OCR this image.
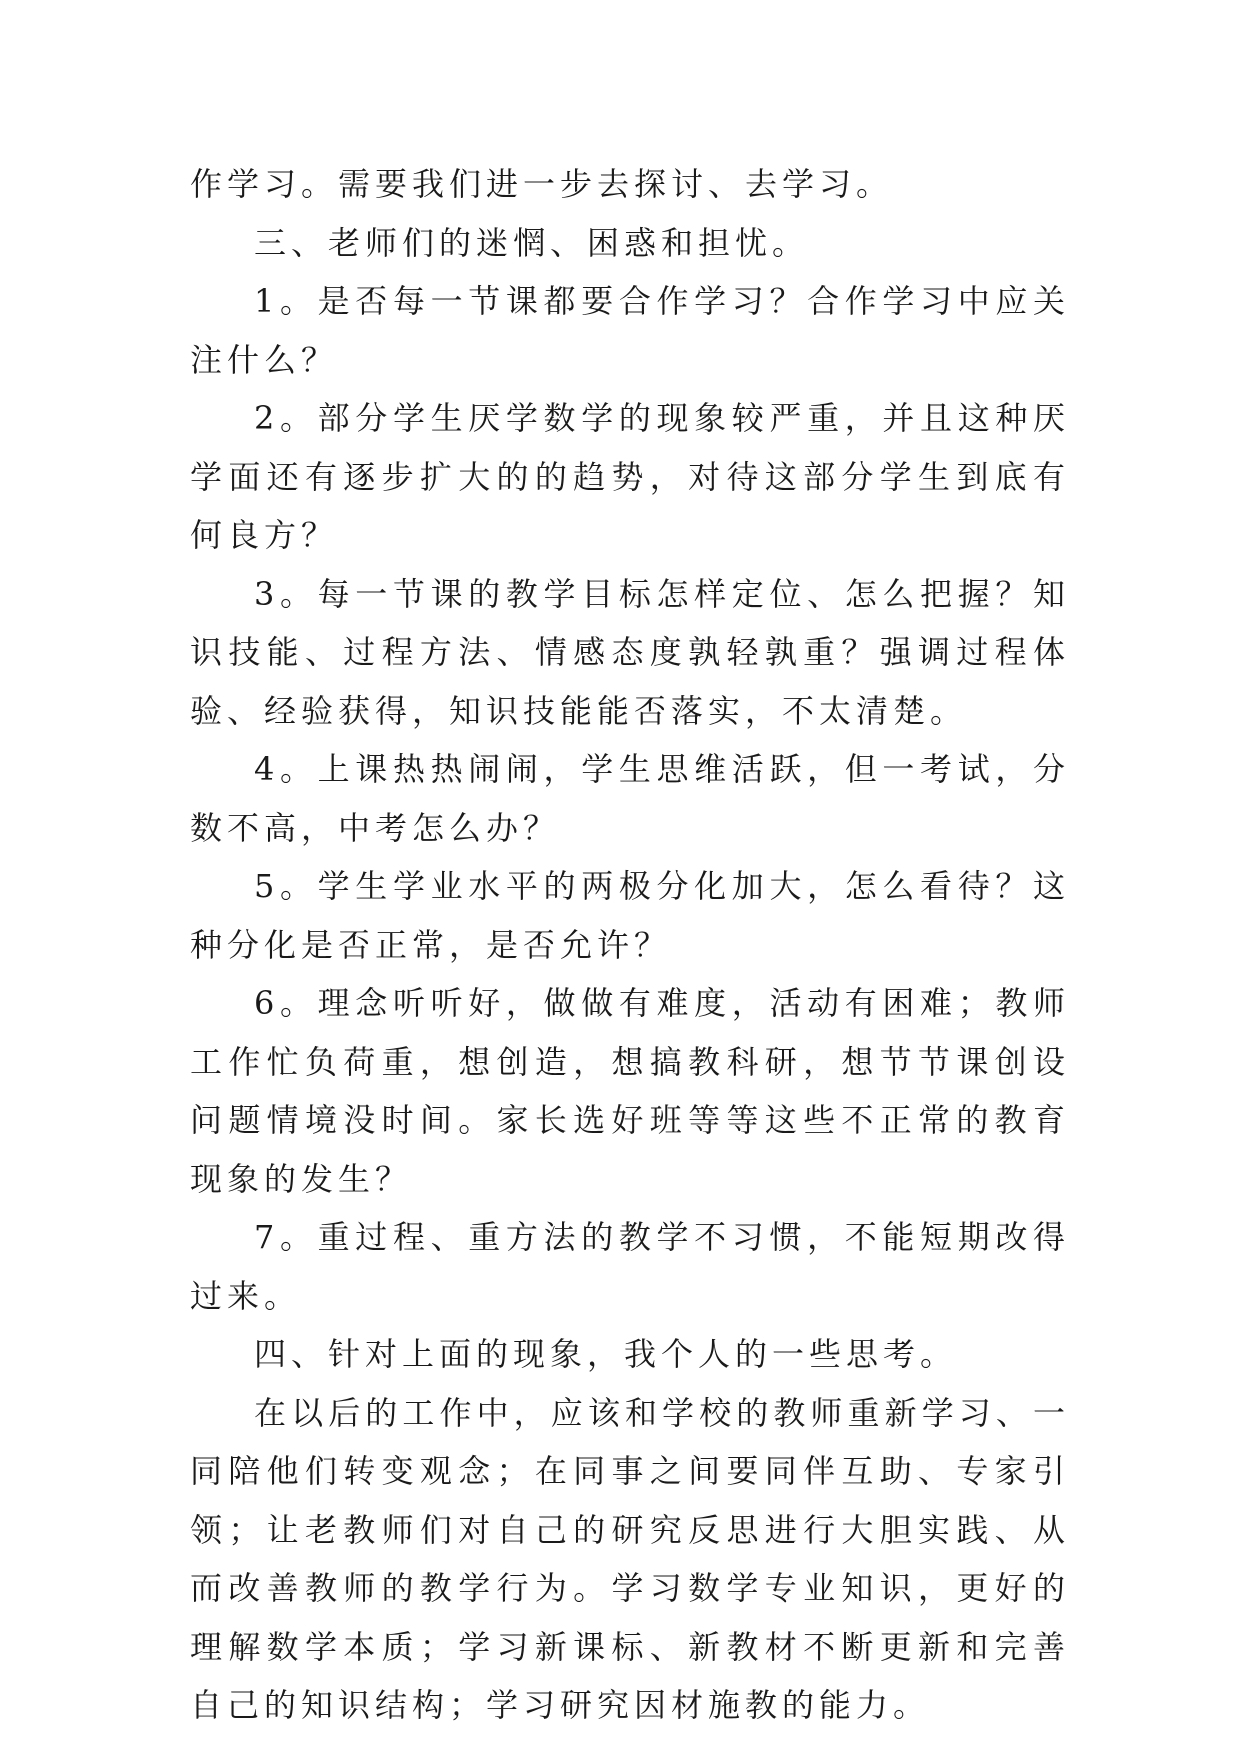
作学习。需要我们进一步去探讨、去学习。

三、老师们的迷惘、困惑和担忧。

1。是否每一节课都要合作学习？合作学习中应关注什么？

2。部分学生厌学数学的现象较严重，并且这种厌学面还有逐步扩大的的趋势，对待这部分学生到底有何良方？

3。每一节课的教学目标怎样定位、怎么把握？知识技能、过程方法、情感态度孰轻孰重？强调过程体验、经验获得，知识技能能否落实，不太清楚。

4。上课热热闹闹，学生思维活跃，但一考试，分数不高，中考怎么办？

5。学生学业水平的两极分化加大，怎么看待？这种分化是否正常，是否允许？

6。理念听听好，做做有难度，活动有困难；教师工作忙负荷重，想创造，想搞教科研，想节节课创设问题情境没时间。家长选好班等等这些不正常的教育现象的发生？

7。重过程、重方法的教学不习惯，不能短期改得过来。

四、针对上面的现象，我个人的一些思考。

在以后的工作中，应该和学校的教师重新学习、一同陪他们转变观念；在同事之间要同伴互助、专家引领；让老教师们对自己的研究反思进行大胆实践、从而改善教师的教学行为。学习数学专业知识，更好的理解数学本质；学习新课标、新教材不断更新和完善自己的知识结构；学习研究因材施教的能力。
